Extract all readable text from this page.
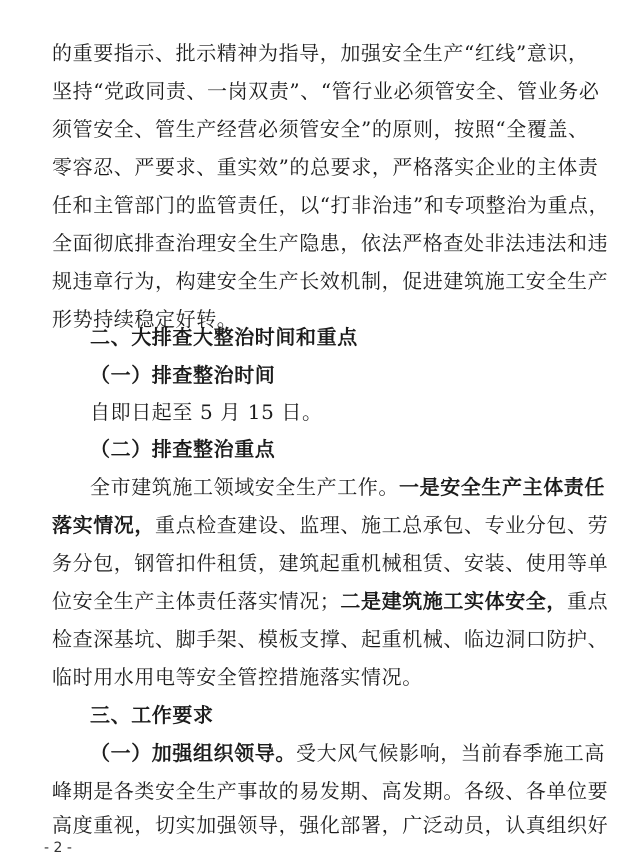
的重要指示、批示精神为指导，加强安全生产“红线”意识，
坚持“党政同责、一岗双责”、“管行业必须管安全、管业务必
须管安全、管生产经营必须管安全”的原则，按照“全覆盖、
零容忍、严要求、重实效”的总要求，严格落实企业的主体责
任和主管部门的监管责任，以“打非治违”和专项整治为重点，
全面彻底排查治理安全生产隐患，依法严格查处非法违法和违
规违章行为，构建安全生产长效机制，促进建筑施工安全生产
形势持续稳定好转。
二、大排查大整治时间和重点
（一）排查整治时间
自即日起至 5 月 15 日。
（二）排查整治重点
全市建筑施工领域安全生产工作。一是安全生产主体责任
落实情况，重点检查建设、监理、施工总承包、专业分包、劳
务分包，钢管扣件租赁，建筑起重机械租赁、安装、使用等单
位安全生产主体责任落实情况；二是建筑施工实体安全，重点
检查深基坑、脚手架、模板支撑、起重机械、临边洞口防护、
临时用水用电等安全管控措施落实情况。
三、工作要求
（一）加强组织领导。受大风气候影响，当前春季施工高
峰期是各类安全生产事故的易发期、高发期。各级、各单位要
高度重视，切实加强领导，强化部署，广泛动员，认真组织好
- 2 -
